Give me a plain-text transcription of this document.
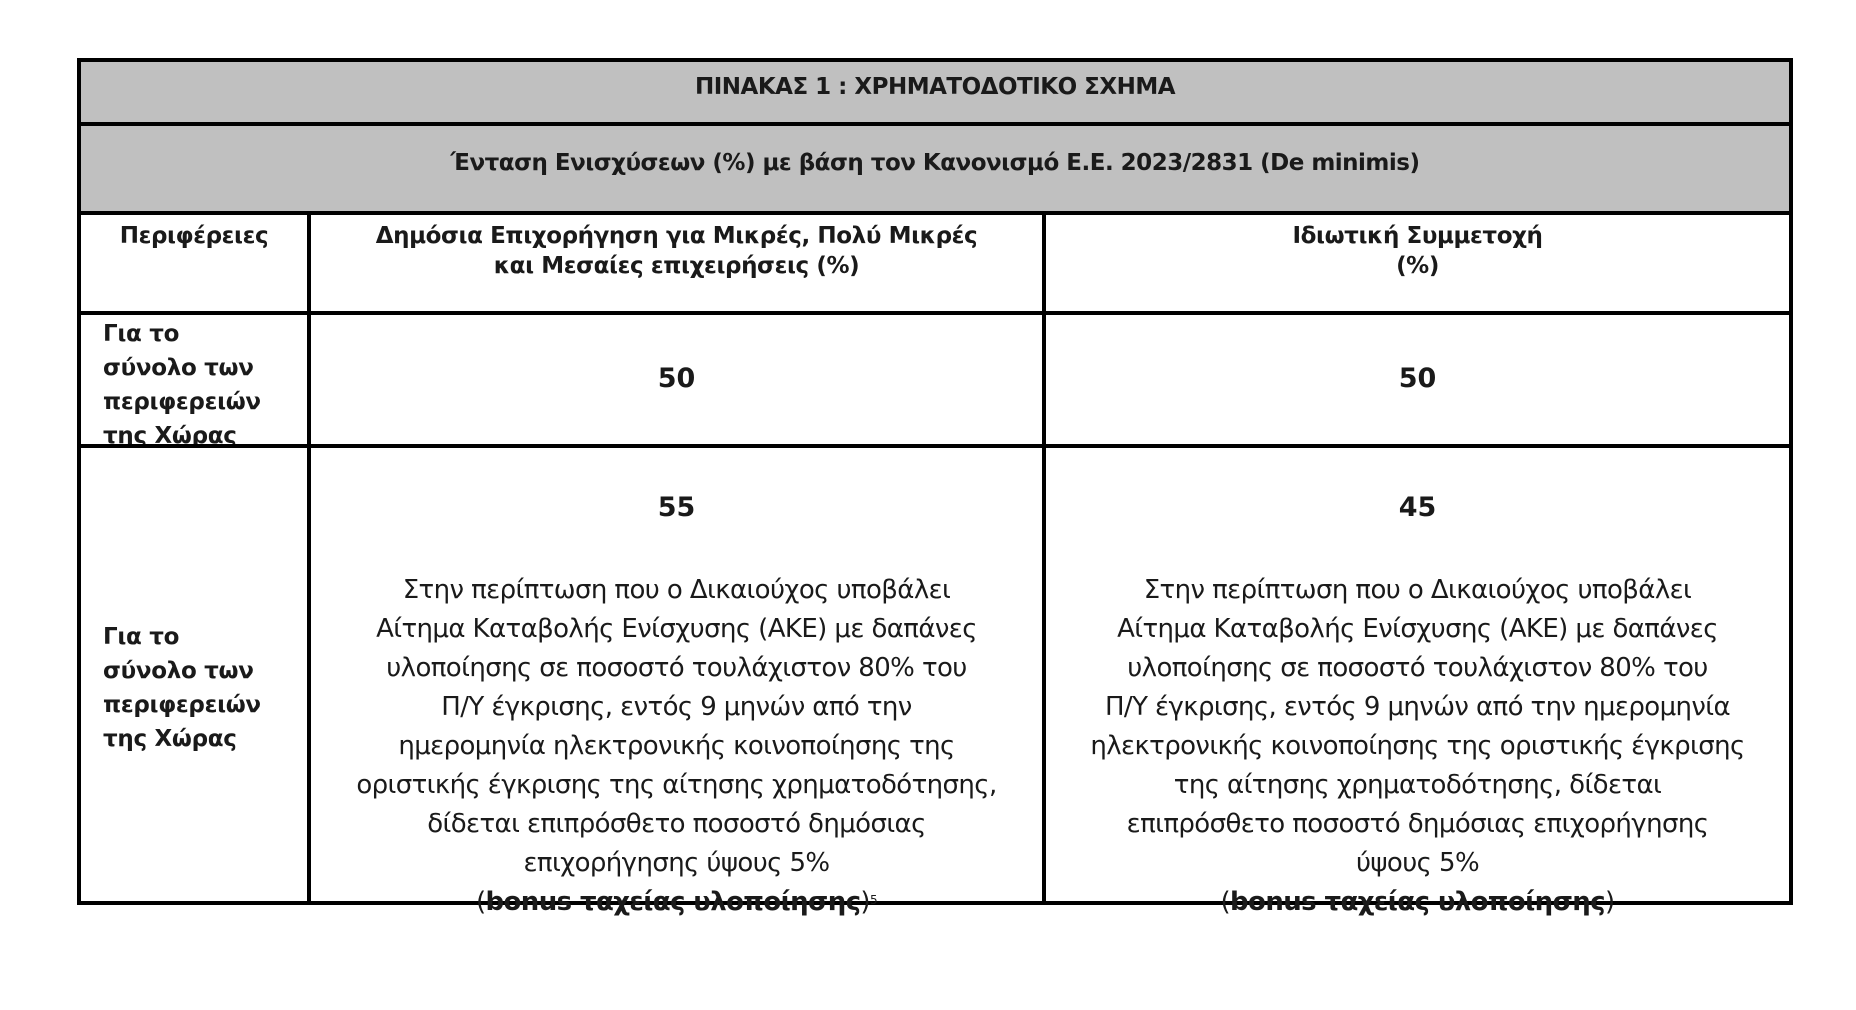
ΠΙΝΑΚΑΣ 1 : ΧΡΗΜΑΤΟΔΟΤΙΚΟ ΣΧΗΜΑ
Ένταση Ενισχύσεων (%) με βάση τον Κανονισμό Ε.Ε. 2023/2831 (De minimis)
Περιφέρειες	Δημόσια Επιχορήγηση για Μικρές, Πολύ Μικρές
και Μεσαίες επιχειρήσεις (%)
Ιδιωτική Συμμετοχή
(%)
Για το
σύνολο των
περιφερειών
της Χώρας
50	50
Για το
σύνολο των
περιφερειών
της Χώρας
55
Στην περίπτωση που ο Δικαιούχος υποβάλει
Αίτημα Καταβολής Ενίσχυσης (ΑΚΕ) με δαπάνες
υλοποίησης σε ποσοστό τουλάχιστον 80% του
Π/Υ έγκρισης, εντός 9 μηνών από την
ημερομηνία ηλεκτρονικής κοινοποίησης της
οριστικής έγκρισης της αίτησης χρηματοδότησης,
δίδεται επιπρόσθετο ποσοστό δημόσιας
επιχορήγησης ύψους 5%
(bonus ταχείας υλοποίησης)$^5$
45
Στην περίπτωση που ο Δικαιούχος υποβάλει
Αίτημα Καταβολής Ενίσχυσης (ΑΚΕ) με δαπάνες
υλοποίησης σε ποσοστό τουλάχιστον 80% του
Π/Υ έγκρισης, εντός 9 μηνών από την ημερομηνία
ηλεκτρονικής κοινοποίησης της οριστικής έγκρισης
της αίτησης χρηματοδότησης, δίδεται
επιπρόσθετο ποσοστό δημόσιας επιχορήγησης
ύψους 5%
(bonus ταχείας υλοποίησης)
